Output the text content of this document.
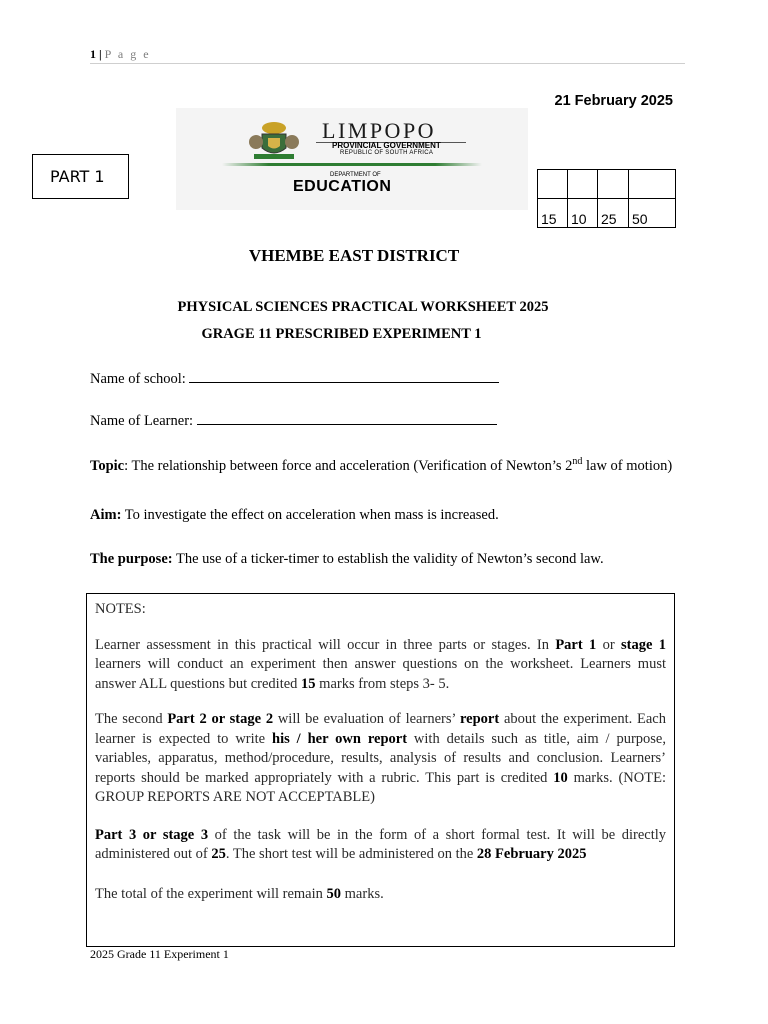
1 | P a g e
21 February 2025
PART 1
LIMPOPO
PROVINCIAL GOVERNMENT
REPUBLIC OF SOUTH AFRICA
DEPARTMENT OF
EDUCATION

15	10	25	50
VHEMBE EAST DISTRICT
PHYSICAL SCIENCES PRACTICAL WORKSHEET 2025
GRAGE 11 PRESCRIBED EXPERIMENT 1
Name of school:
Name of Learner:
Topic: The relationship between force and acceleration (Verification of Newton’s 2nd law of motion)
Aim: To investigate the effect on acceleration when mass is increased.
The purpose: The use of a ticker-timer to establish the validity of Newton’s second law.

NOTES:

Learner assessment in this practical will occur in three parts or stages. In Part 1 or stage 1 learners will conduct an experiment then answer questions on the worksheet. Learners must answer ALL questions but credited 15 marks from steps 3- 5.

The second Part 2 or stage 2 will be evaluation of learners’ report about the experiment. Each learner is expected to write his / her own report with details such as title, aim / purpose, variables, apparatus, method/procedure, results, analysis of results and conclusion. Learners’ reports should be marked appropriately with a rubric. This part is credited 10 marks. (NOTE: GROUP REPORTS ARE NOT ACCEPTABLE)

Part 3 or stage 3 of the task will be in the form of a short formal test. It will be directly administered out of 25. The short test will be administered on the 28 February 2025

The total of the experiment will remain 50 marks.

2025 Grade 11 Experiment 1
